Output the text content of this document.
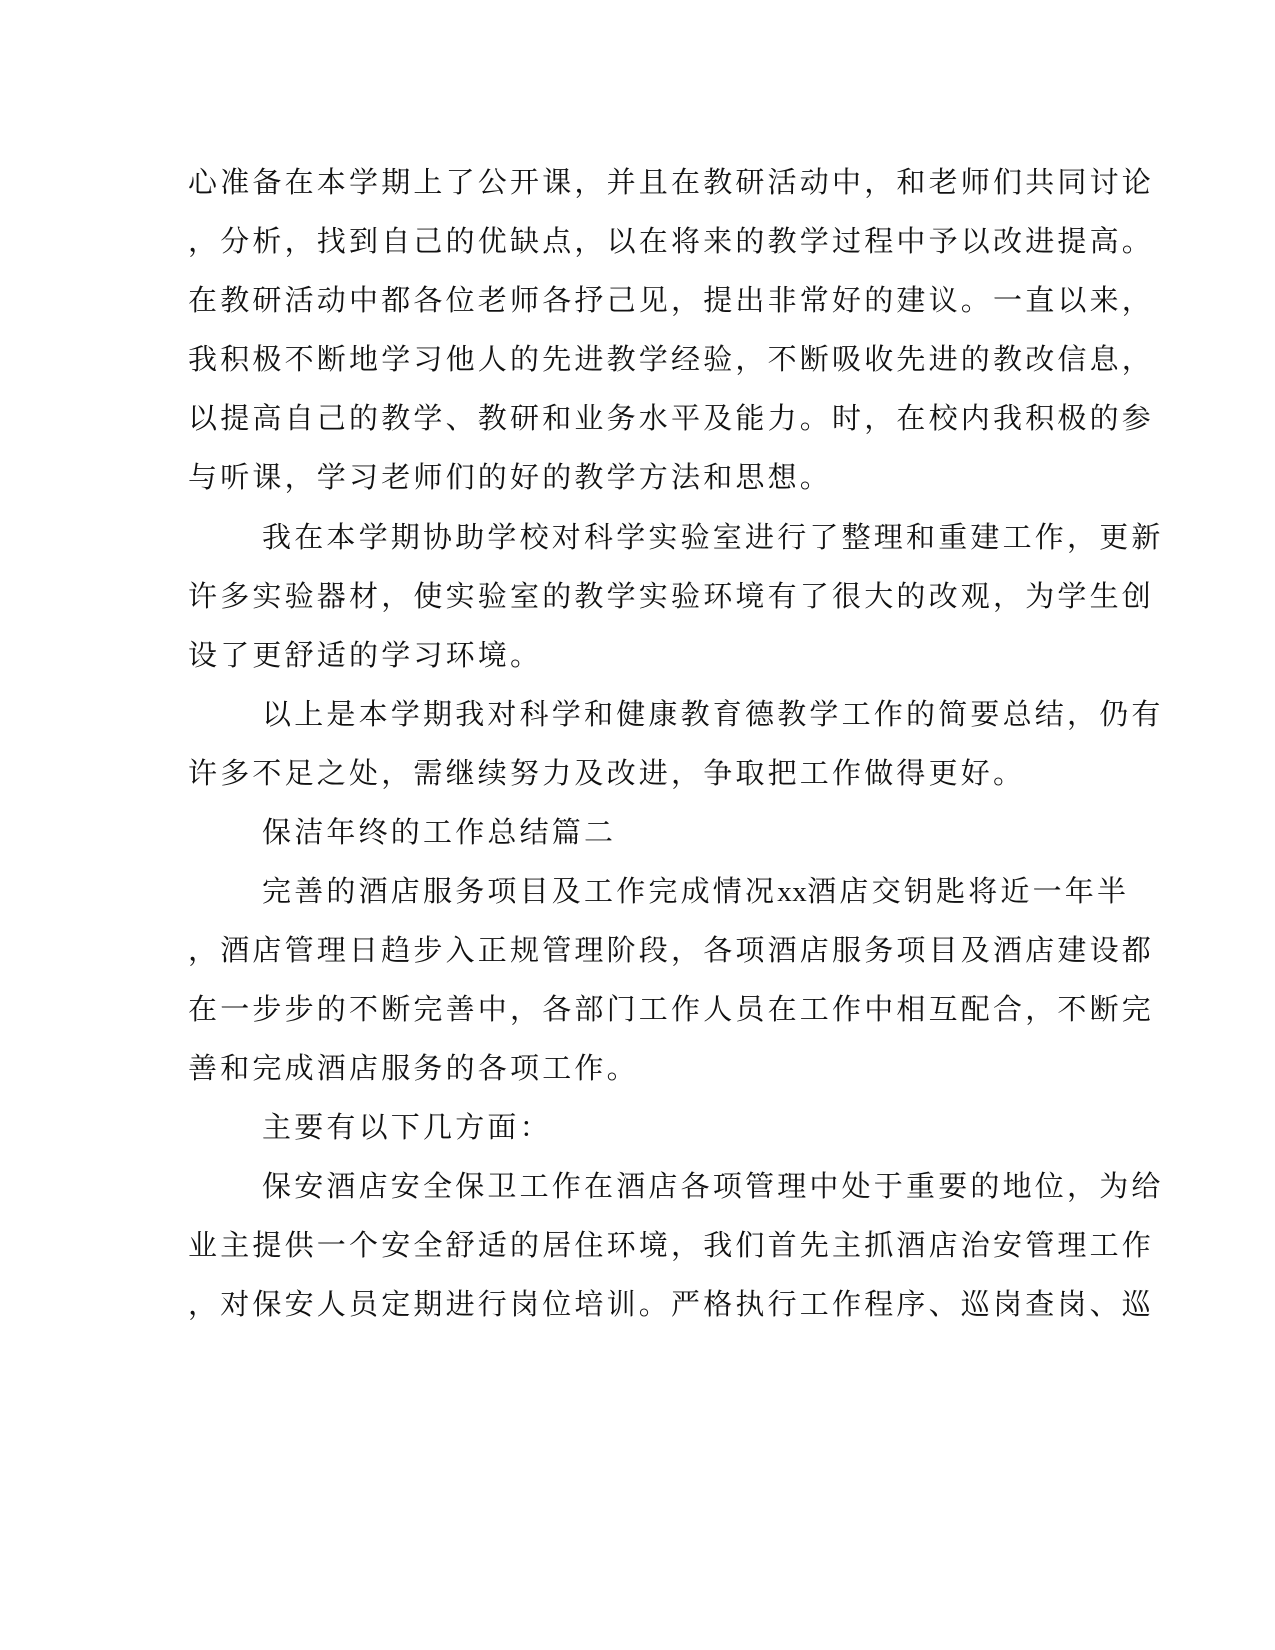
心准备在本学期上了公开课，并且在教研活动中，和老师们共同讨论
，分析，找到自己的优缺点，以在将来的教学过程中予以改进提高。
在教研活动中都各位老师各抒己见，提出非常好的建议。一直以来，
我积极不断地学习他人的先进教学经验，不断吸收先进的教改信息，
以提高自己的教学、教研和业务水平及能力。时，在校内我积极的参
与听课，学习老师们的好的教学方法和思想。
我在本学期协助学校对科学实验室进行了整理和重建工作，更新
许多实验器材，使实验室的教学实验环境有了很大的改观，为学生创
设了更舒适的学习环境。
以上是本学期我对科学和健康教育德教学工作的简要总结，仍有
许多不足之处，需继续努力及改进，争取把工作做得更好。
保洁年终的工作总结篇二
完善的酒店服务项目及工作完成情况xx酒店交钥匙将近一年半
，酒店管理日趋步入正规管理阶段，各项酒店服务项目及酒店建设都
在一步步的不断完善中，各部门工作人员在工作中相互配合，不断完
善和完成酒店服务的各项工作。
主要有以下几方面：
保安酒店安全保卫工作在酒店各项管理中处于重要的地位，为给
业主提供一个安全舒适的居住环境，我们首先主抓酒店治安管理工作
，对保安人员定期进行岗位培训。严格执行工作程序、巡岗查岗、巡
